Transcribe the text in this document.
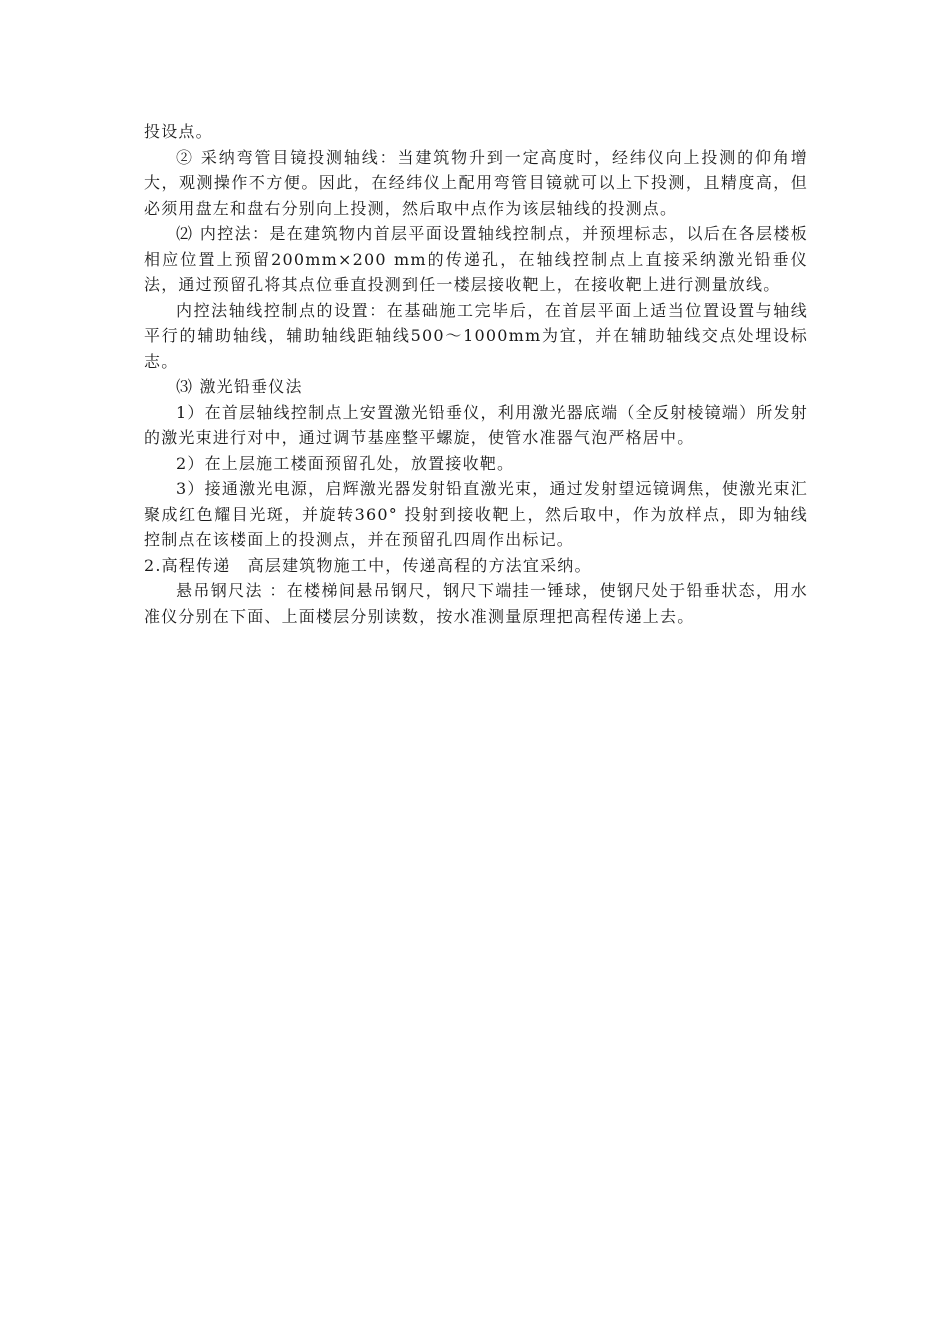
投设点。

② 采纳弯管目镜投测轴线：当建筑物升到一定高度时，经纬仪向上投测的仰角增大，观测操作不方便。因此，在经纬仪上配用弯管目镜就可以上下投测，且精度高，但必须用盘左和盘右分别向上投测，然后取中点作为该层轴线的投测点。

⑵ 内控法：是在建筑物内首层平面设置轴线控制点，并预埋标志，以后在各层楼板相应位置上预留200mm×200 mm的传递孔，在轴线控制点上直接采纳激光铅垂仪法，通过预留孔将其点位垂直投测到任一楼层接收靶上，在接收靶上进行测量放线。

内控法轴线控制点的设置：在基础施工完毕后，在首层平面上适当位置设置与轴线平行的辅助轴线，辅助轴线距轴线500～1000mm为宜，并在辅助轴线交点处埋设标志。

⑶ 激光铅垂仪法

1）在首层轴线控制点上安置激光铅垂仪，利用激光器底端（全反射棱镜端）所发射的激光束进行对中，通过调节基座整平螺旋，使管水准器气泡严格居中。

2）在上层施工楼面预留孔处，放置接收靶。

3）接通激光电源，启辉激光器发射铅直激光束，通过发射望远镜调焦，使激光束汇聚成红色耀目光斑，并旋转360° 投射到接收靶上，然后取中，作为放样点，即为轴线控制点在该楼面上的投测点，并在预留孔四周作出标记。

2.高程传递　高层建筑物施工中，传递高程的方法宜采纳。

悬吊钢尺法 ：在楼梯间悬吊钢尺，钢尺下端挂一锤球，使钢尺处于铅垂状态，用水准仪分别在下面、上面楼层分别读数，按水准测量原理把高程传递上去。
